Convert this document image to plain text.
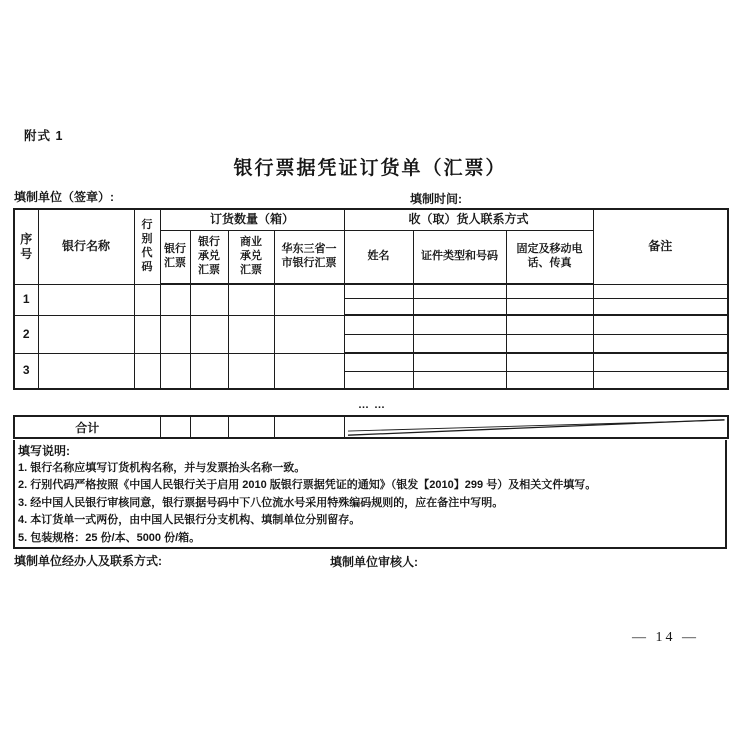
附式 1
银行票据凭证订货单（汇票）
填制单位（签章）:	填制时间:
序号	银行名称	行别代码	订货数量（箱）				收（取）货人联系方式			备注
			银行汇票	银行承兑汇票	商业承兑汇票	华东三省一市银行汇票	姓名	证件类型和号码	固定及移动电话、传真	
1										

2										

3										

… …
合计					
填写说明:
1. 银行名称应填写订货机构名称，并与发票抬头名称一致。
2. 行别代码严格按照《中国人民银行关于启用 2010 版银行票据凭证的通知》（银发【2010】299 号）及相关文件填写。
3. 经中国人民银行审核同意，银行票据号码中下八位流水号采用特殊编码规则的，应在备注中写明。
4. 本订货单一式两份，由中国人民银行分支机构、填制单位分别留存。
5. 包装规格：25 份/本、5000 份/箱。
填制单位经办人及联系方式:	填制单位审核人:
— 14 —
